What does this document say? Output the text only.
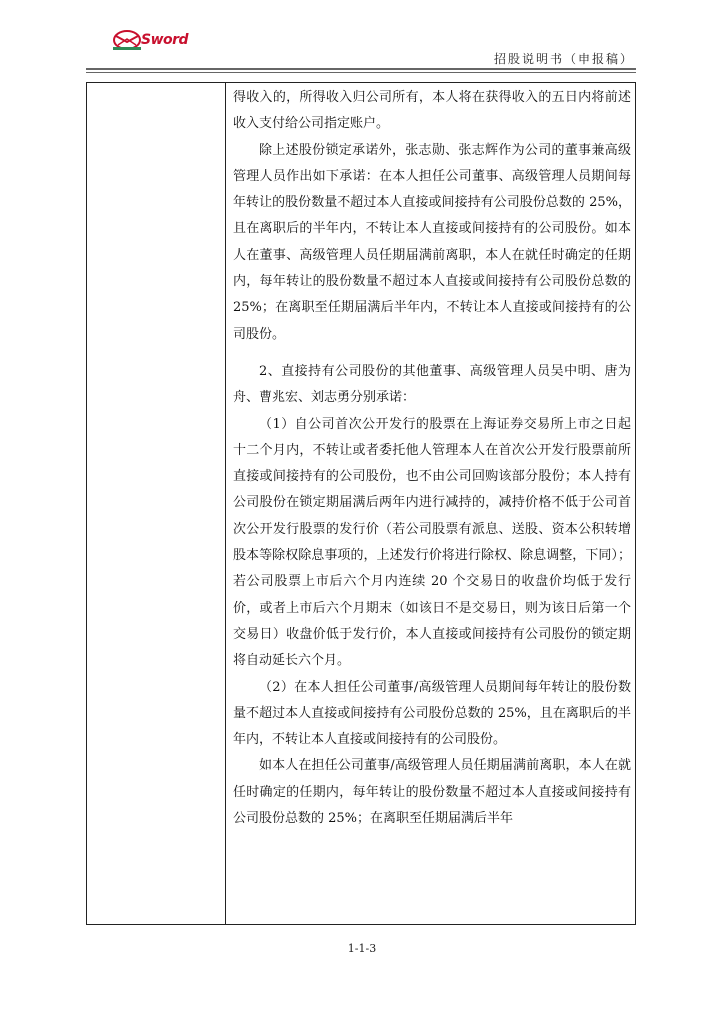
Sword
招股说明书（申报稿）

得收入的，所得收入归公司所有，本人将在获得收入的五日内将前述收入支付给公司指定账户。

除上述股份锁定承诺外，张志勋、张志辉作为公司的董事兼高级管理人员作出如下承诺：在本人担任公司董事、高级管理人员期间每年转让的股份数量不超过本人直接或间接持有公司股份总数的 25%，且在离职后的半年内，不转让本人直接或间接持有的公司股份。如本人在董事、高级管理人员任期届满前离职，本人在就任时确定的任期内，每年转让的股份数量不超过本人直接或间接持有公司股份总数的 25%；在离职至任期届满后半年内，不转让本人直接或间接持有的公司股份。

2、直接持有公司股份的其他董事、高级管理人员吴中明、唐为舟、曹兆宏、刘志勇分别承诺：

（1）自公司首次公开发行的股票在上海证券交易所上市之日起十二个月内，不转让或者委托他人管理本人在首次公开发行股票前所直接或间接持有的公司股份，也不由公司回购该部分股份；本人持有公司股份在锁定期届满后两年内进行减持的，减持价格不低于公司首次公开发行股票的发行价（若公司股票有派息、送股、资本公积转增股本等除权除息事项的，上述发行价将进行除权、除息调整，下同）；若公司股票上市后六个月内连续 20 个交易日的收盘价均低于发行价，或者上市后六个月期末（如该日不是交易日，则为该日后第一个交易日）收盘价低于发行价，本人直接或间接持有公司股份的锁定期将自动延长六个月。

（2）在本人担任公司董事/高级管理人员期间每年转让的股份数量不超过本人直接或间接持有公司股份总数的 25%，且在离职后的半年内，不转让本人直接或间接持有的公司股份。

如本人在担任公司董事/高级管理人员任期届满前离职，本人在就任时确定的任期内，每年转让的股份数量不超过本人直接或间接持有公司股份总数的 25%；在离职至任期届满后半年

1-1-3
